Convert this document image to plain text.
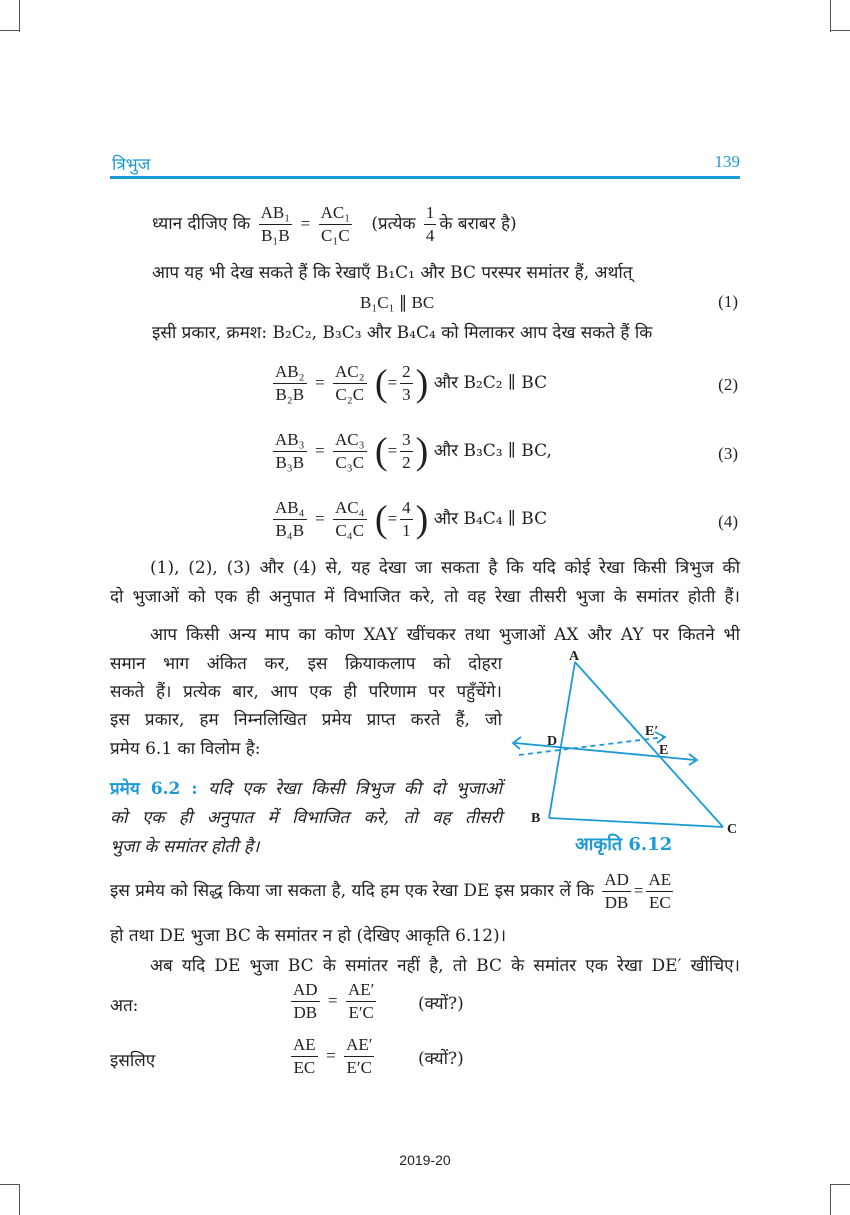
त्रिभुज	139
ध्यान दीजिए कि $\frac{\text{AB₁}}{\text{B₁B}} = \frac{\text{AC₁}}{\text{C₁C}}$ (प्रत्येक $\frac{1}{4}$ के बराबर है)
आप यह भी देख सकते हैं कि रेखाएँ B₁C₁ और BC परस्पर समांतर हैं, अर्थात्
B₁C₁ ∥ BC	(1)
इसी प्रकार, क्रमश: B₂C₂, B₃C₃ और B₄C₄ को मिलाकर आप देख सकते हैं कि
$\frac{\text{AB₂}}{\text{B₂B}} = \frac{\text{AC₂}}{\text{C₂C}}$ (= $\frac{2}{3}$ ) और B₂C₂ ∥ BC	(2)
$\frac{\text{AB₃}}{\text{B₃B}} = \frac{\text{AC₃}}{\text{C₃C}}$ (= $\frac{3}{2}$ ) और B₃C₃ ∥ BC,	(3)
$\frac{\text{AB₄}}{\text{B₄B}} = \frac{\text{AC₄}}{\text{C₄C}}$ (= $\frac{4}{1}$ ) और B₄C₄ ∥ BC	(4)
(1), (2), (3) और (4) से, यह देखा जा सकता है कि यदि कोई रेखा किसी त्रिभुज की
दो भुजाओं को एक ही अनुपात में विभाजित करे, तो वह रेखा तीसरी भुजा के समांतर होती हैं।
आप किसी अन्य माप का कोण XAY खींचकर तथा भुजाओं AX और AY पर कितने भी
समान भाग अंकित कर, इस क्रियाकलाप को दोहरा
सकते हैं। प्रत्येक बार, आप एक ही परिणाम पर पहुँचेंगे।
इस प्रकार, हम निम्नलिखित प्रमेय प्राप्त करते हैं, जो
प्रमेय 6.1 का विलोम है:
प्रमेय 6.2 : यदि एक रेखा किसी त्रिभुज की दो भुजाओं
को एक ही अनुपात में विभाजित करे, तो वह तीसरी
भुजा के समांतर होती है।
A
B
C
D
E
E′
आकृति 6.12
इस प्रमेय को सिद्ध किया जा सकता है, यदि हम एक रेखा DE इस प्रकार लें कि $\frac{AD}{DB} = \frac{AE}{EC}$
हो तथा DE भुजा BC के समांतर न हो (देखिए आकृति 6.12)।
अब यदि DE भुजा BC के समांतर नहीं है, तो BC के समांतर एक रेखा DE′ खींचिए।
अत:	$\frac{AD}{DB} = \frac{AE'}{E'C}$ (क्यों?)
इसलिए	$\frac{AE}{EC} = \frac{AE'}{E'C}$	(क्यों?)
2019-20
